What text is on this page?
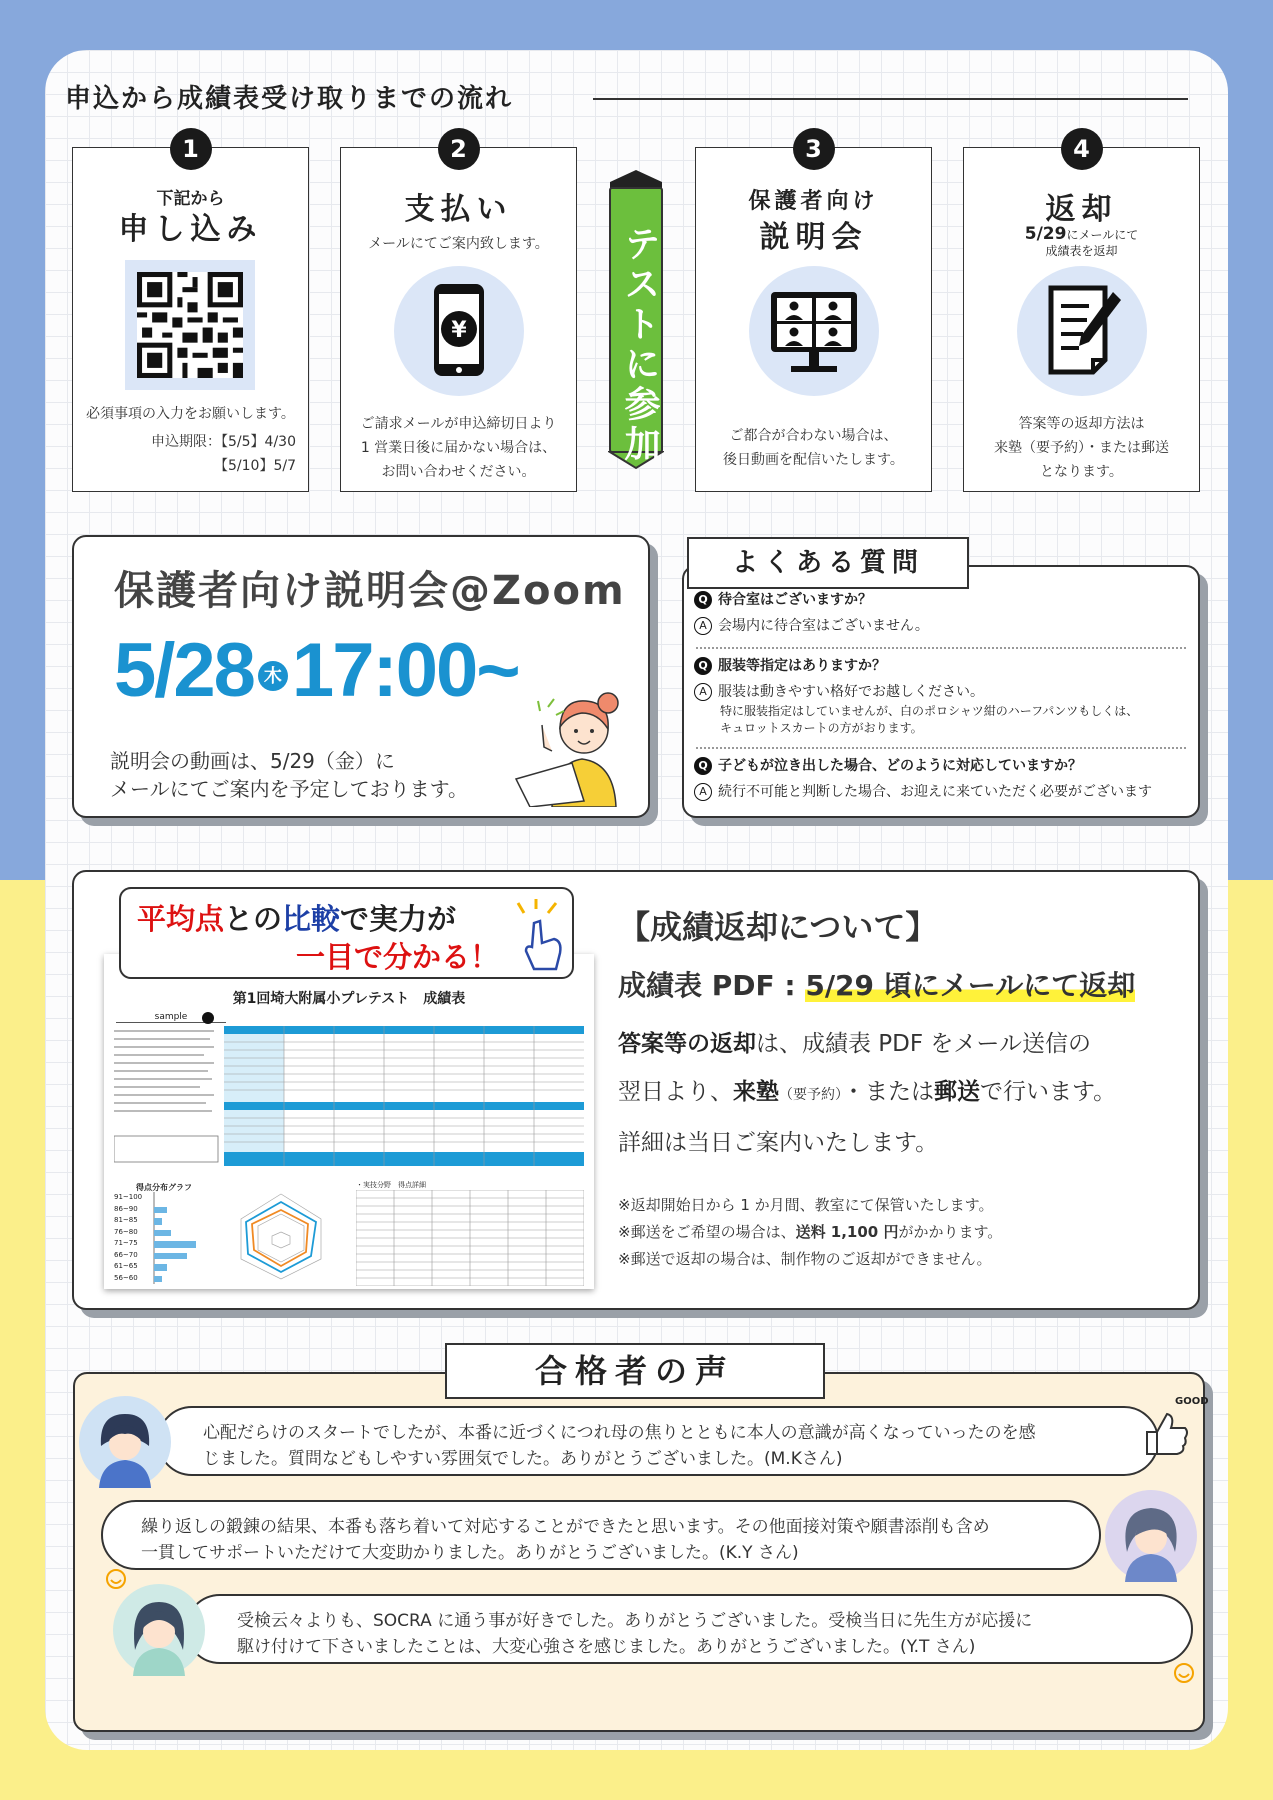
申込から成績表受け取りまでの流れ
1
下記から
申し込み
必須事項の入力をお願いします。
申込期限：【5/5】4/30
【5/10】5/7
2
支払い
メールにてご案内致します。
¥
ご請求メールが申込締切日より
1 営業日後に届かない場合は、
お問い合わせください。
テストに参加
3
保護者向け
説明会
ご都合が合わない場合は、
後日動画を配信いたします。
4
返却
5/29にメールにて
成績表を返却
答案等の返却方法は
来塾（要予約）・または郵送
となります。
保護者向け説明会@Zoom
5/28 木 17:00~
説明会の動画は、5/29（金）に
メールにてご案内を予定しております。
よくある質問
Q 待合室はございますか？
A 会場内に待合室はございません。
Q 服装等指定はありますか？
A 服装は動きやすい格好でお越しください。
特に服装指定はしていませんが、白のポロシャツ紺のハーフパンツもしくは、
キュロットスカートの方がおります。
Q 子どもが泣き出した場合、どのように対応していますか？
A 続行不可能と判断した場合、お迎えに来ていただく必要がございます
平均点との比較で実力が
一目で分かる！
第1回埼大附属小プレテスト　成績表
sample
得点分布グラフ
91~100
86~90
81~85
76~80
71~75
66~70
61~65
56~60
・実技分野　得点詳細
【成績返却について】
成績表 PDF : 5/29 頃にメールにて返却
答案等の返却は、成績表 PDF をメール送信の
翌日より、来塾（要予約）・または郵送で行います。
詳細は当日ご案内いたします。
※返却開始日から 1 か月間、教室にて保管いたします。
※郵送をご希望の場合は、送料 1,100 円がかかります。
※郵送で返却の場合は、制作物のご返却ができません。
合格者の声
心配だらけのスタートでしたが、本番に近づくにつれ母の焦りとともに本人の意識が高くなっていったのを感
じました。質問などもしやすい雰囲気でした。ありがとうございました。(M.Kさん)
GOOD
繰り返しの鍛錬の結果、本番も落ち着いて対応することができたと思います。その他面接対策や願書添削も含め
一貫してサポートいただけて大変助かりました。ありがとうございました。(K.Y さん)
受検云々よりも、SOCRA に通う事が好きでした。ありがとうございました。受検当日に先生方が応援に
駆け付けて下さいましたことは、大変心強さを感じました。ありがとうございました。(Y.T さん)
